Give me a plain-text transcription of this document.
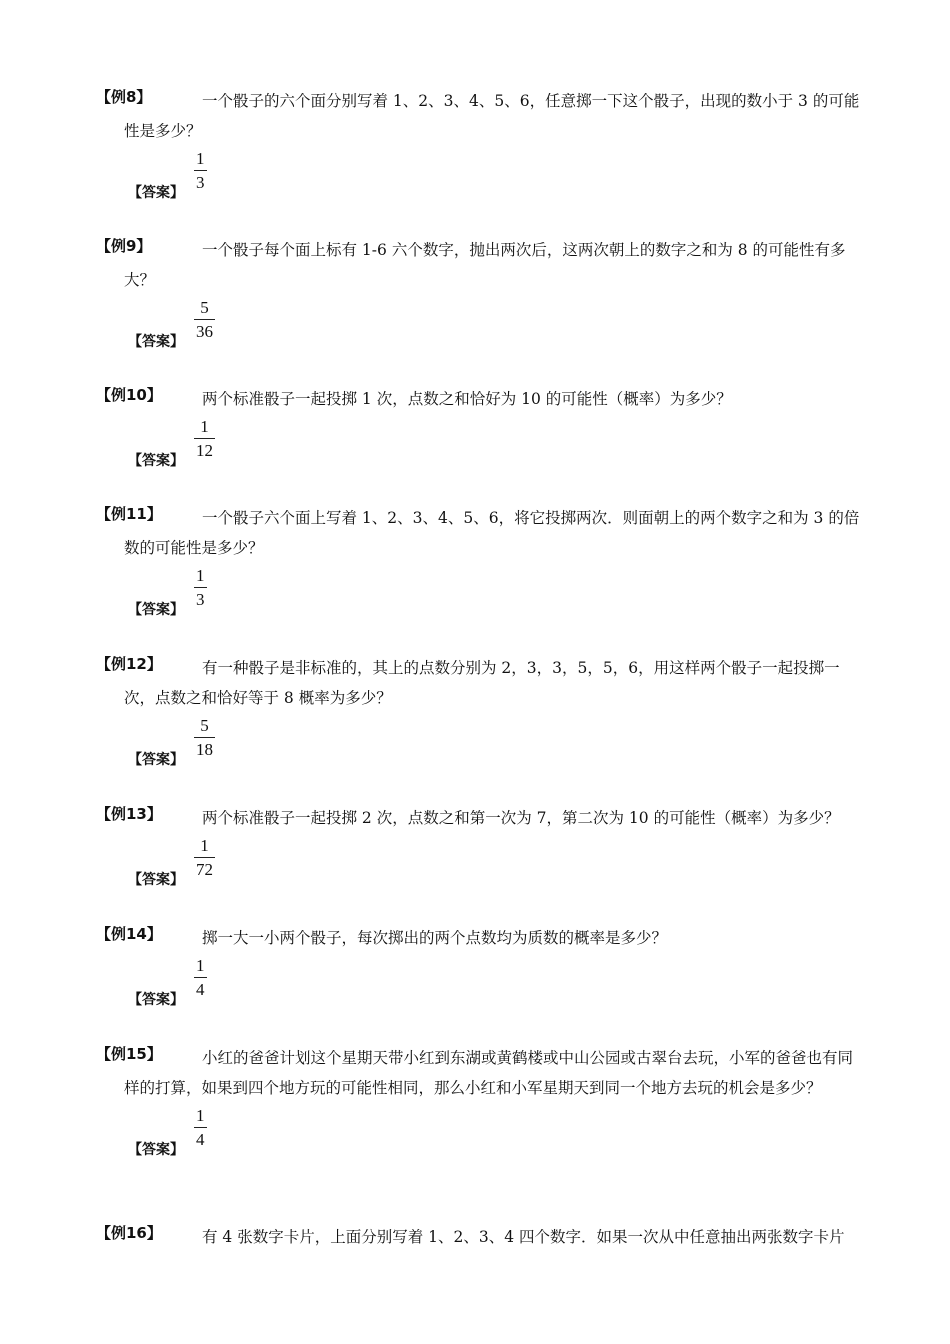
【例8】	一个骰子的六个面分别写着 1、2、3、4、5、6，任意掷一下这个骰子，出现的数小于 3 的可能性是多少？

【答案】
1
3
【例9】	一个骰子每个面上标有 1-6 六个数字，抛出两次后，这两次朝上的数字之和为 8 的可能性有多大？

【答案】
5
36
【例10】	两个标准骰子一起投掷 1 次，点数之和恰好为 10 的可能性（概率）为多少？

【答案】
1
12
【例11】	一个骰子六个面上写着 1、2、3、4、5、6，将它投掷两次．则面朝上的两个数字之和为 3 的倍数的可能性是多少？

【答案】
1
3
【例12】	有一种骰子是非标准的，其上的点数分别为 2，3，3，5，5，6，用这样两个骰子一起投掷一次，点数之和恰好等于 8 概率为多少？

【答案】
5
18
【例13】	两个标准骰子一起投掷 2 次，点数之和第一次为 7，第二次为 10 的可能性（概率）为多少？

【答案】
1
72
【例14】	掷一大一小两个骰子，每次掷出的两个点数均为质数的概率是多少？

【答案】
1
4
【例15】	小红的爸爸计划这个星期天带小红到东湖或黄鹤楼或中山公园或古翠台去玩，小军的爸爸也有同样的打算，如果到四个地方玩的可能性相同，那么小红和小军星期天到同一个地方去玩的机会是多少？

【答案】
1
4
【例16】	有 4 张数字卡片，上面分别写着 1、2、3、4 四个数字．如果一次从中任意抽出两张数字卡片
